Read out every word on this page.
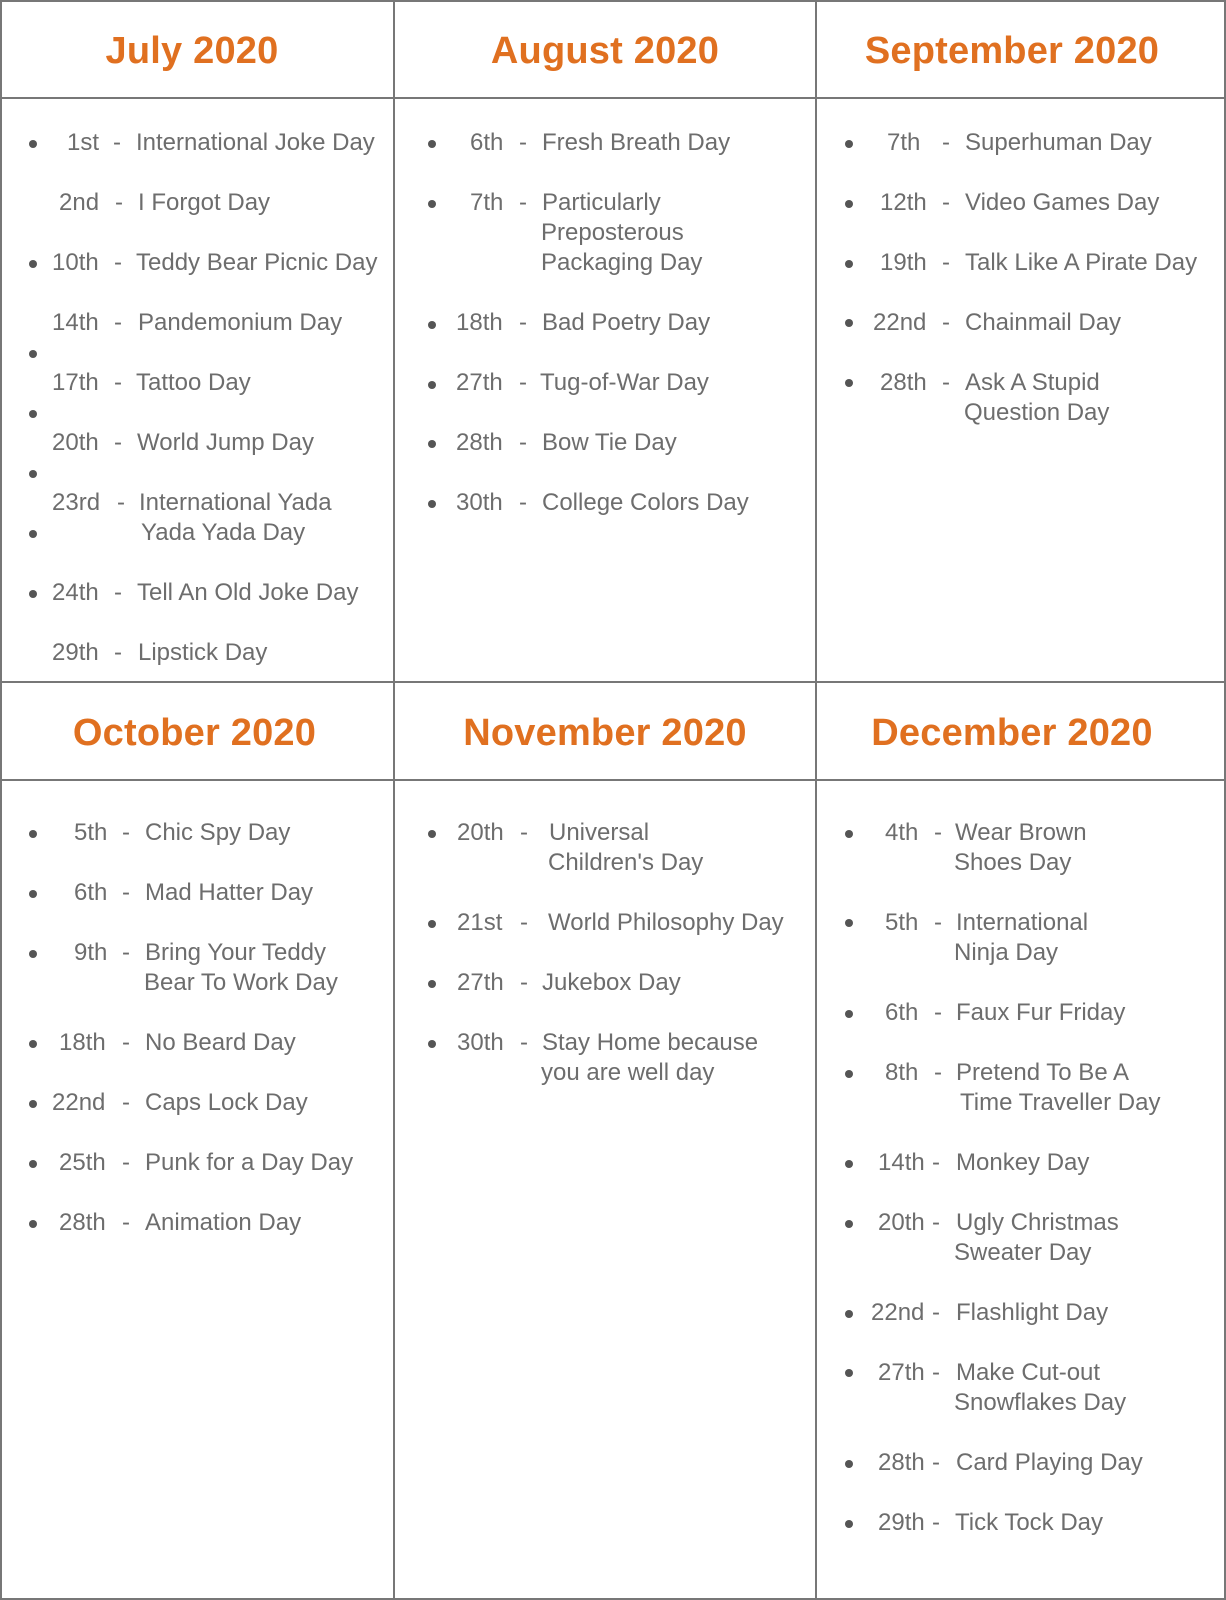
July 2020	August 2020	September 2020
October 2020	November 2020	December 2020
1st - International Joke Day
2nd - I Forgot Day
10th - Teddy Bear Picnic Day
14th - Pandemonium Day
17th - Tattoo Day
20th - World Jump Day
23rd - International Yada
Yada Yada Day
24th - Tell An Old Joke Day
29th - Lipstick Day
6th - Fresh Breath Day
7th - Particularly
Preposterous
Packaging Day
18th - Bad Poetry Day
27th - Tug-of-War Day
28th - Bow Tie Day
30th - College Colors Day
7th - Superhuman Day
12th - Video Games Day
19th - Talk Like A Pirate Day
22nd - Chainmail Day
28th - Ask A Stupid
Question Day
5th - Chic Spy Day
6th - Mad Hatter Day
9th - Bring Your Teddy
Bear To Work Day
18th - No Beard Day
22nd - Caps Lock Day
25th - Punk for a Day Day
28th - Animation Day
20th - Universal
Children's Day
21st - World Philosophy Day
27th - Jukebox Day
30th - Stay Home because
you are well day
4th - Wear Brown
Shoes Day
5th - International
Ninja Day
6th - Faux Fur Friday
8th - Pretend To Be A
Time Traveller Day
14th - Monkey Day
20th - Ugly Christmas
Sweater Day
22nd - Flashlight Day
27th - Make Cut-out
Snowflakes Day
28th - Card Playing Day
29th - Tick Tock Day
